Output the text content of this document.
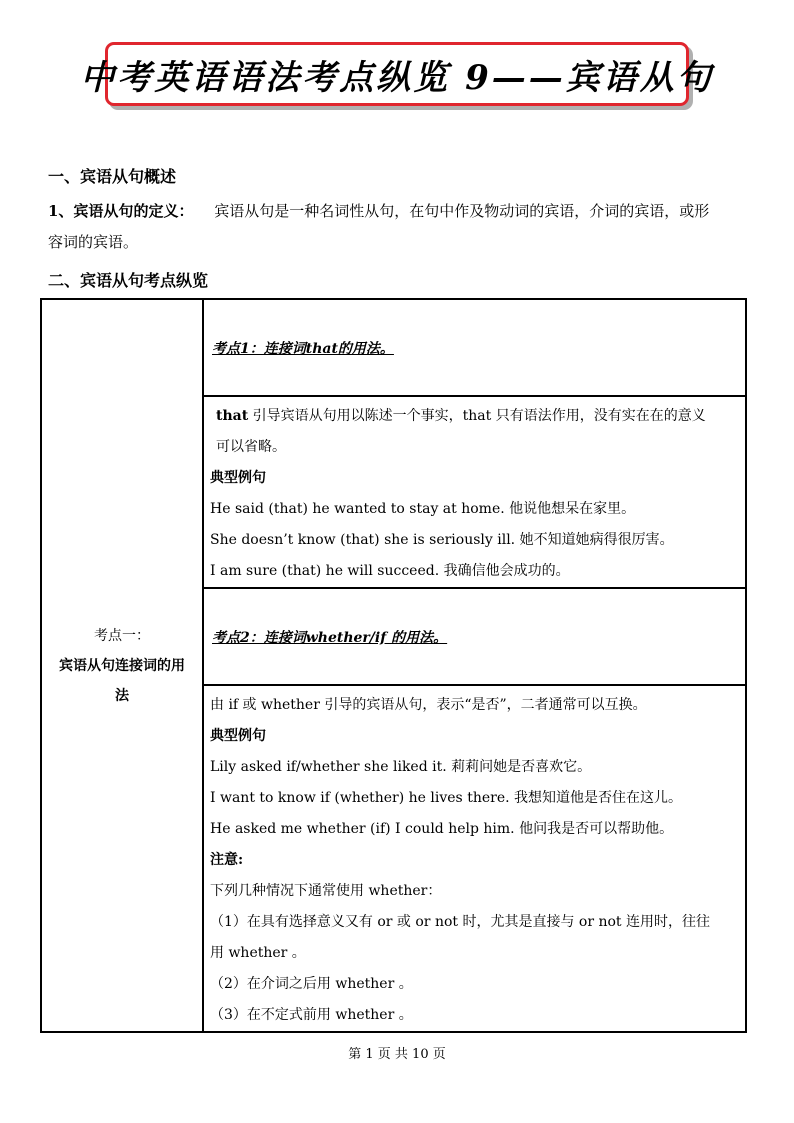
中考英语语法考点纵览 9——宾语从句
一、宾语从句概述
1、宾语从句的定义： 宾语从句是一种名词性从句，在句中作及物动词的宾语，介词的宾语，或形
容词的宾语。
二、宾语从句考点纵览
考点一：
宾语从句连接词的用
法
	考点1：连接词that的用法。

that 引导宾语从句用以陈述一个事实，that 只有语法作用，没有实在在的意义
可以省略。
典型例句
He said (that) he wanted to stay at home. 他说他想呆在家里。
She doesn’t know (that) she is seriously ill. 她不知道她病得很厉害。
I am sure (that) he will succeed. 我确信他会成功的。

考点2：连接词whether/if 的用法。

由 if 或 whether 引导的宾语从句，表示“是否”，二者通常可以互换。
典型例句
Lily asked if/whether she liked it. 莉莉问她是否喜欢它。
I want to know if (whether) he lives there. 我想知道他是否住在这儿。
He asked me whether (if) I could help him. 他问我是否可以帮助他。
注意:
下列几种情况下通常使用 whether：
（1）在具有选择意义又有 or 或 or not 时，尤其是直接与 or not 连用时，往往
用 whether 。
（2）在介词之后用 whether 。
（3）在不定式前用 whether 。
第 1 页 共 10 页
